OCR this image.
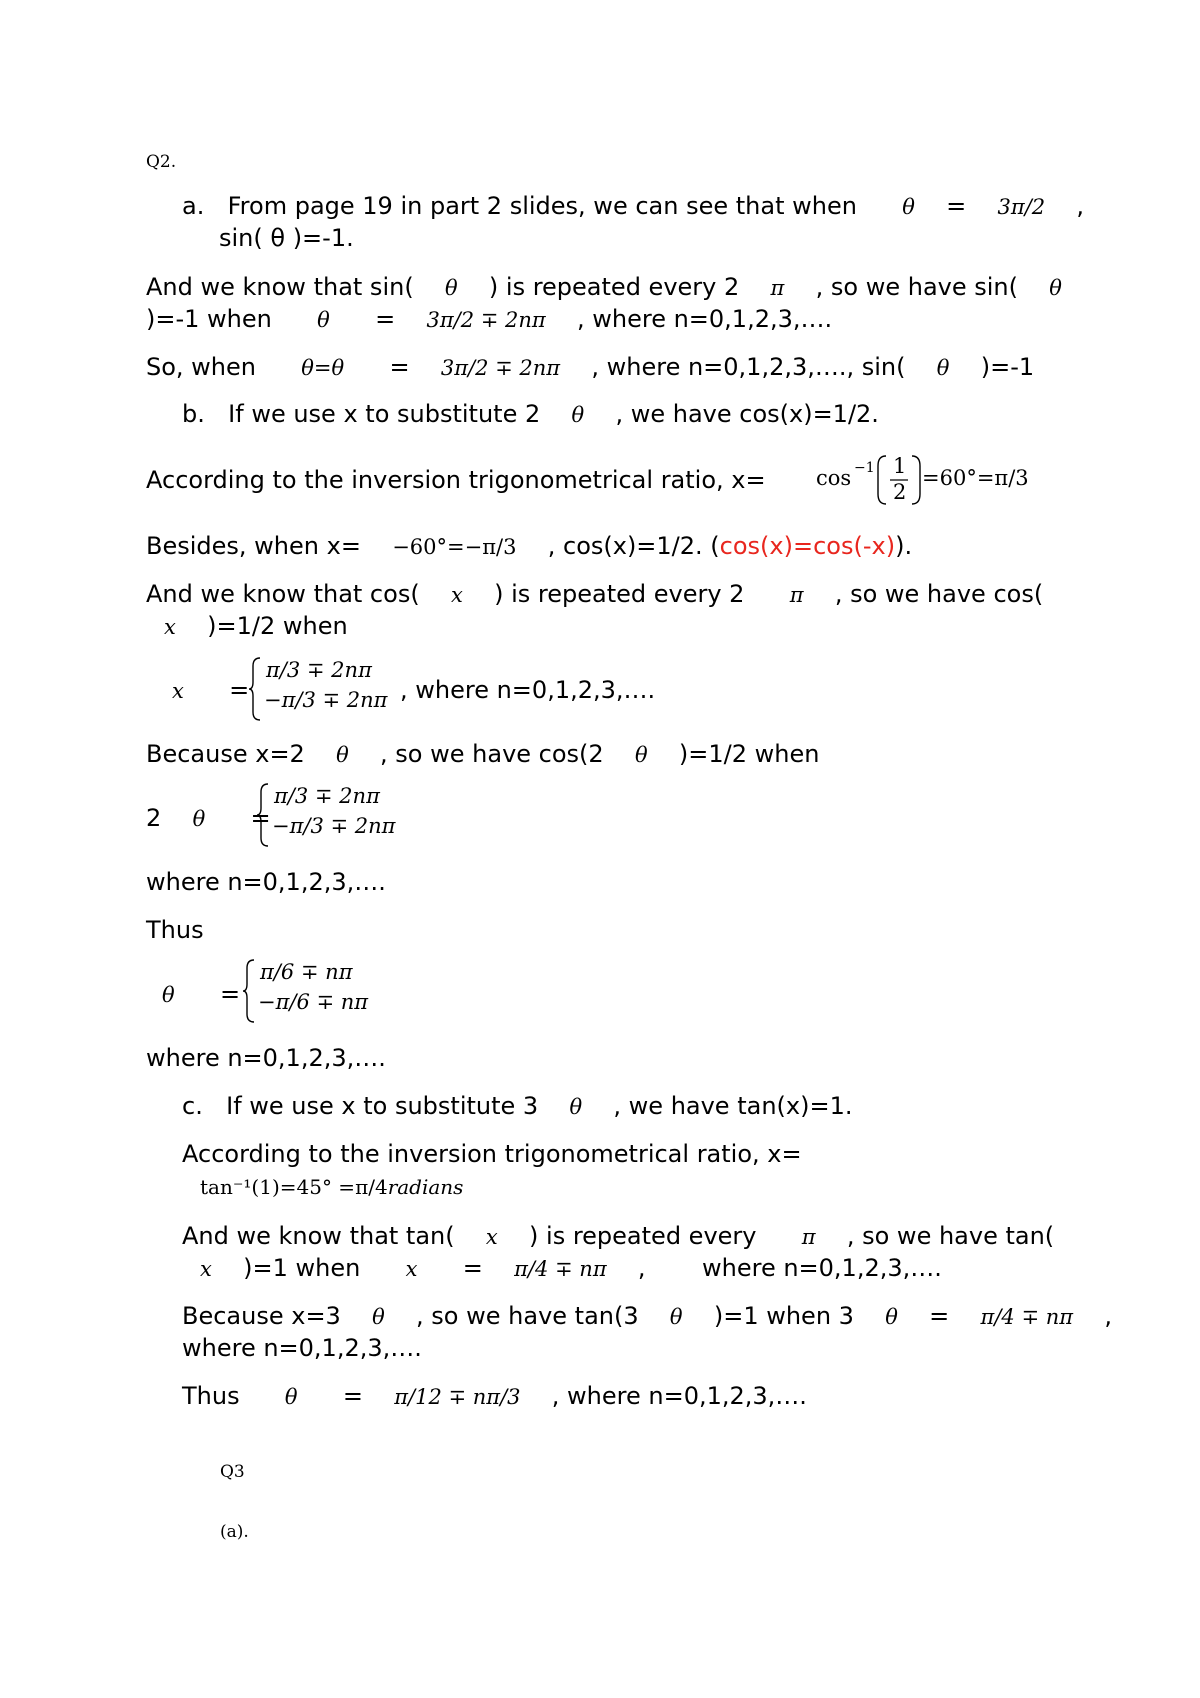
Q2.
a. From page 19 in part 2 slides, we can see that when θ = 3π/2 ,
sin( θ )=-1.
And we know that sin( θ ) is repeated every 2 π , so we have sin( θ
)=-1 when θ = 3π/2 ∓ 2nπ , where n=0,1,2,3,….
So, when θ=θ = 3π/2 ∓ 2nπ , where n=0,1,2,3,…., sin( θ )=-1
b. If we use x to substitute 2 θ , we have cos(x)=1/2.
According to the inversion trigonometrical ratio, x= cos −1 1
2
=60°=π/3
Besides, when x= −60°=−π/3 , cos(x)=1/2. (cos(x)=cos(-x)).
And we know that cos( x ) is repeated every 2 π , so we have cos(
x )=1/2 when
x =
π/3 ∓ 2nπ
−π/3 ∓ 2nπ , where n=0,1,2,3,….
Because x=2 θ , so we have cos(2 θ )=1/2 when
2 θ =
π/3 ∓ 2nπ
−π/3 ∓ 2nπ
where n=0,1,2,3,….
Thus
θ =
π/6 ∓ nπ
−π/6 ∓ nπ
where n=0,1,2,3,….
c. If we use x to substitute 3 θ , we have tan(x)=1.
According to the inversion trigonometrical ratio, x=
tan⁻¹(1)=45° =π/4radians
And we know that tan( x ) is repeated every π , so we have tan(
x )=1 when x = π/4 ∓ nπ , where n=0,1,2,3,….
Because x=3 θ , so we have tan(3 θ )=1 when 3 θ = π/4 ∓ nπ ,
where n=0,1,2,3,….
Thus θ = π/12 ∓ nπ/3 , where n=0,1,2,3,….
Q3
(a).
